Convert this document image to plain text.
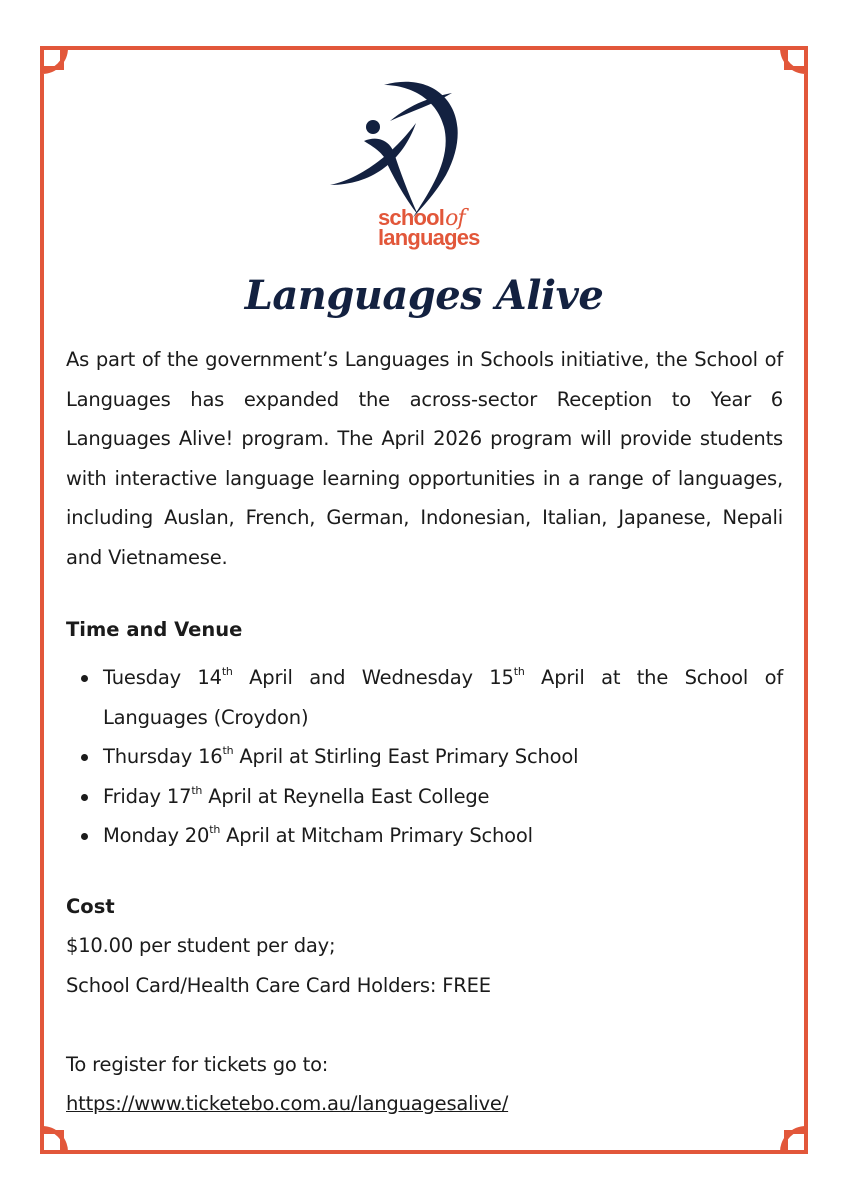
schoolof
languages
Languages Alive

As part of the government’s Languages in Schools initiative, the School of Languages has expanded the across-sector Reception to Year 6 Languages Alive! program. The April 2026 program will provide students with interactive language learning opportunities in a range of languages, including Auslan, French, German, Indonesian, Italian, Japanese, Nepali and Vietnamese.

Time and Venue

Tuesday 14th April and Wednesday 15th April at the School of
Languages (Croydon)
Thursday 16th April at Stirling East Primary School
Friday 17th April at Reynella East College
Monday 20th April at Mitcham Primary School

Cost

$10.00 per student per day;

School Card/Health Care Card Holders: FREE

To register for tickets go to:

https://www.ticketebo.com.au/languagesalive/
